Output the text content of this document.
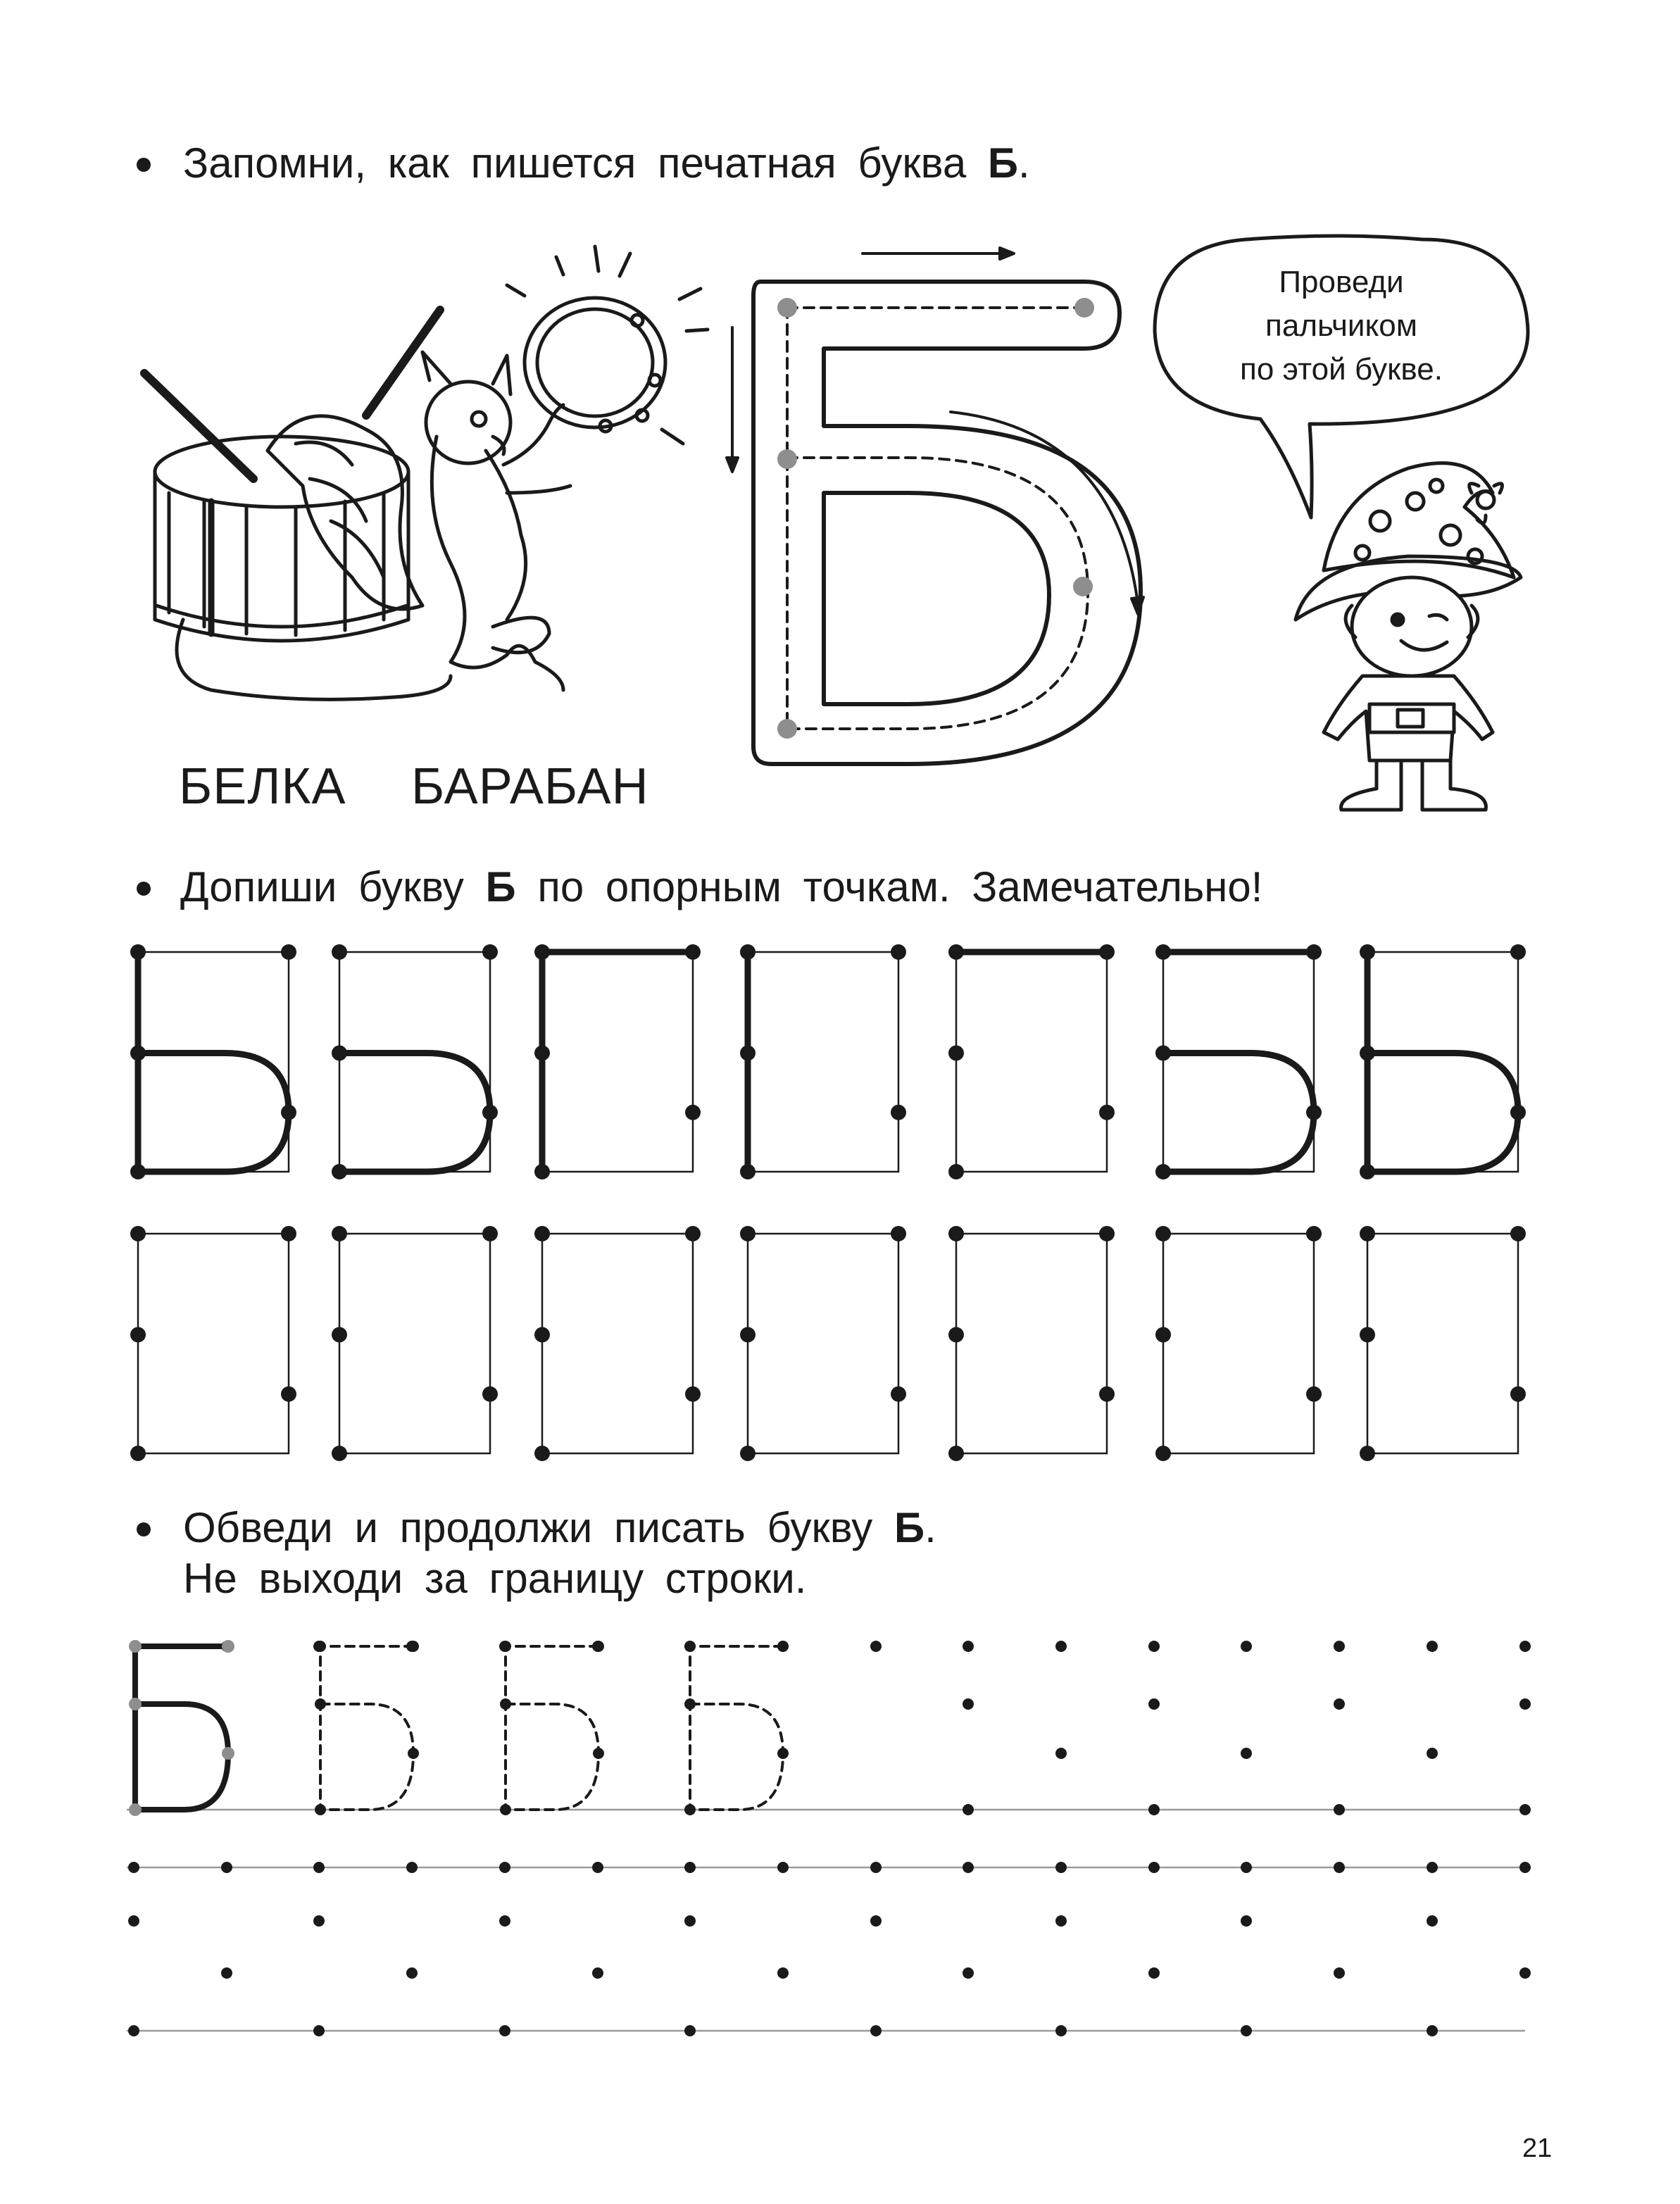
Запомни, как пишется печатная буква Б.
БЕЛКА БАРАБАН
Проведи
пальчиком
по этой букве.
Допиши букву Б по опорным точкам. Замечательно!
Обведи и продолжи писать букву Б.
Не выходи за границу строки.
21
